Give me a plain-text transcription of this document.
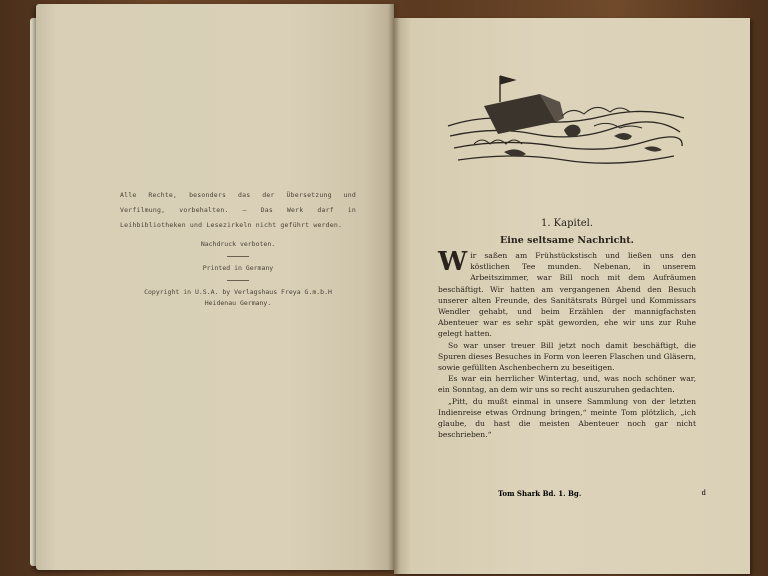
Alle Rechte, besonders das der Übersetzung und Verfilmung, vorbehalten. — Das Werk darf in Leihbibliotheken und Lesezirkeln nicht geführt werden.
Nachdruck verboten.
Printed in Germany
Copyright in U.S.A. by Verlagshaus Freya G.m.b.H
Heidenau Germany.
1. Kapitel.
Eine seltsame Nachricht.

Wir saßen am Frühstückstisch und ließen uns den köstlichen Tee munden. Nebenan, in unserem Arbeitszimmer, war Bill noch mit dem Aufräumen beschäftigt. Wir hatten am vergangenen Abend den Besuch unserer alten Freunde, des Sanitätsrats Bürgel und Kommissars Wendler gehabt, und beim Erzählen der mannigfachsten Abenteuer war es sehr spät geworden, ehe wir uns zur Ruhe gelegt hatten.

So war unser treuer Bill jetzt noch damit beschäftigt, die Spuren dieses Besuches in Form von leeren Flaschen und Gläsern, sowie gefüllten Aschenbechern zu beseitigen.

Es war ein herrlicher Wintertag, und, was noch schöner war, ein Sonntag, an dem wir uns so recht auszuruhen gedachten.

„Pitt, du mußt einmal in unsere Sammlung von der letzten Indienreise etwas Ordnung bringen,“ meinte Tom plötzlich, „ich glaube, du hast die meisten Abenteuer noch gar nicht beschrieben.“

Tom Shark Bd. 1. Bg.	d
